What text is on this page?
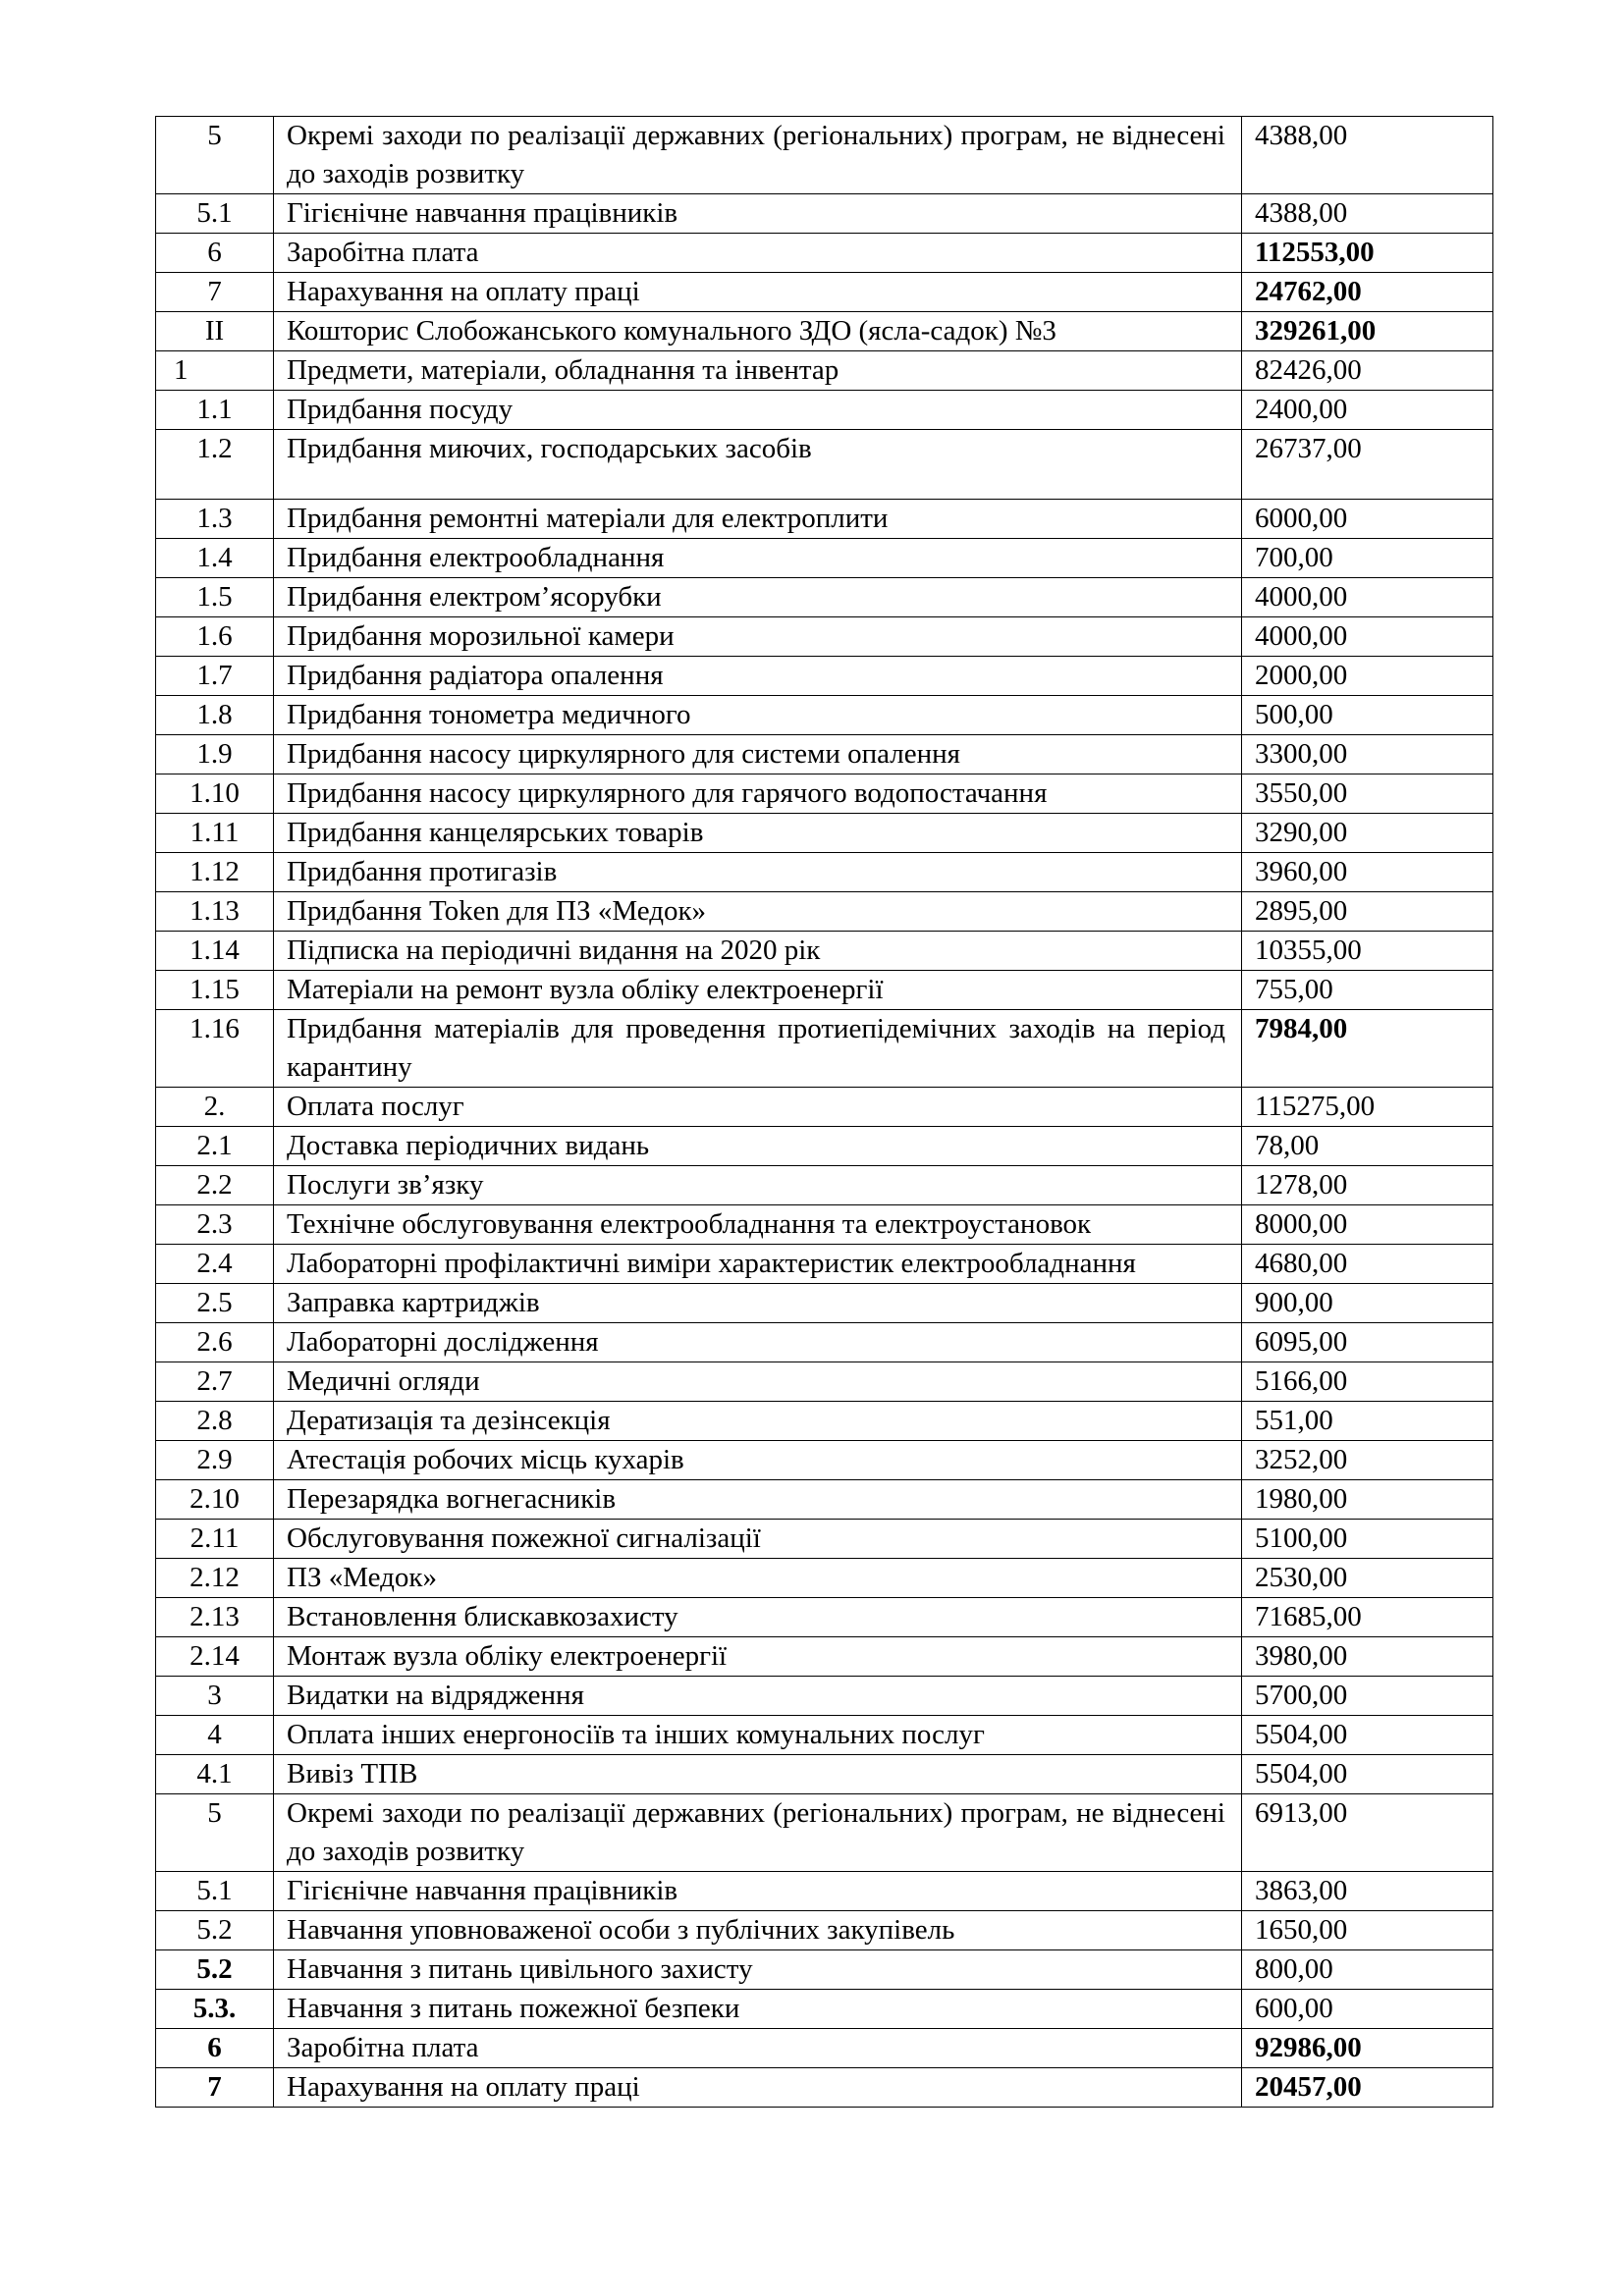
5	Окремі заходи по реалізації державних (регіональних) програм, не віднесені до заходів розвитку	4388,00
5.1	Гігієнічне навчання працівників	4388,00
6	Заробітна плата	112553,00
7	Нарахування на оплату праці	24762,00
ІІ	Кошторис Слобожанського комунального ЗДО (ясла-садок) №3	329261,00
1	Предмети, матеріали, обладнання та інвентар	82426,00
1.1	Придбання посуду	2400,00
1.2	Придбання миючих, господарських засобів	26737,00
1.3	Придбання ремонтні матеріали для електроплити	6000,00
1.4	Придбання електрообладнання	700,00
1.5	Придбання електром’ясорубки	4000,00
1.6	Придбання морозильної камери	4000,00
1.7	Придбання радіатора опалення	2000,00
1.8	Придбання тонометра медичного	500,00
1.9	Придбання насосу циркулярного для системи опалення	3300,00
1.10	Придбання насосу циркулярного для гарячого водопостачання	3550,00
1.11	Придбання канцелярських товарів	3290,00
1.12	Придбання протигазів	3960,00
1.13	Придбання Token для ПЗ «Медок»	2895,00
1.14	Підписка на періодичні видання на 2020 рік	10355,00
1.15	Матеріали на ремонт вузла обліку електроенергії	755,00
1.16	Придбання матеріалів для проведення протиепідемічних заходів на період карантину	7984,00
2.	Оплата послуг	115275,00
2.1	Доставка періодичних видань	78,00
2.2	Послуги зв’язку	1278,00
2.3	Технічне обслуговування електрообладнання та електроустановок	8000,00
2.4	Лабораторні профілактичні виміри характеристик електрообладнання	4680,00
2.5	Заправка картриджів	900,00
2.6	Лабораторні дослідження	6095,00
2.7	Медичні огляди	5166,00
2.8	Дератизація та дезінсекція	551,00
2.9	Атестація робочих місць кухарів	3252,00
2.10	Перезарядка вогнегасників	1980,00
2.11	Обслуговування пожежної сигналізації	5100,00
2.12	ПЗ «Медок»	2530,00
2.13	Встановлення блискавкозахисту	71685,00
2.14	Монтаж вузла обліку електроенергії	3980,00
3	Видатки на відрядження	5700,00
4	Оплата інших енергоносіїв та інших комунальних послуг	5504,00
4.1	Вивіз ТПВ	5504,00
5	Окремі заходи по реалізації державних (регіональних) програм, не віднесені до заходів розвитку	6913,00
5.1	Гігієнічне навчання працівників	3863,00
5.2	Навчання уповноваженої особи з публічних закупівель	1650,00
5.2	Навчання з питань цивільного захисту	800,00
5.3.	Навчання з питань пожежної безпеки	600,00
6	Заробітна плата	92986,00
7	Нарахування на оплату праці	20457,00
